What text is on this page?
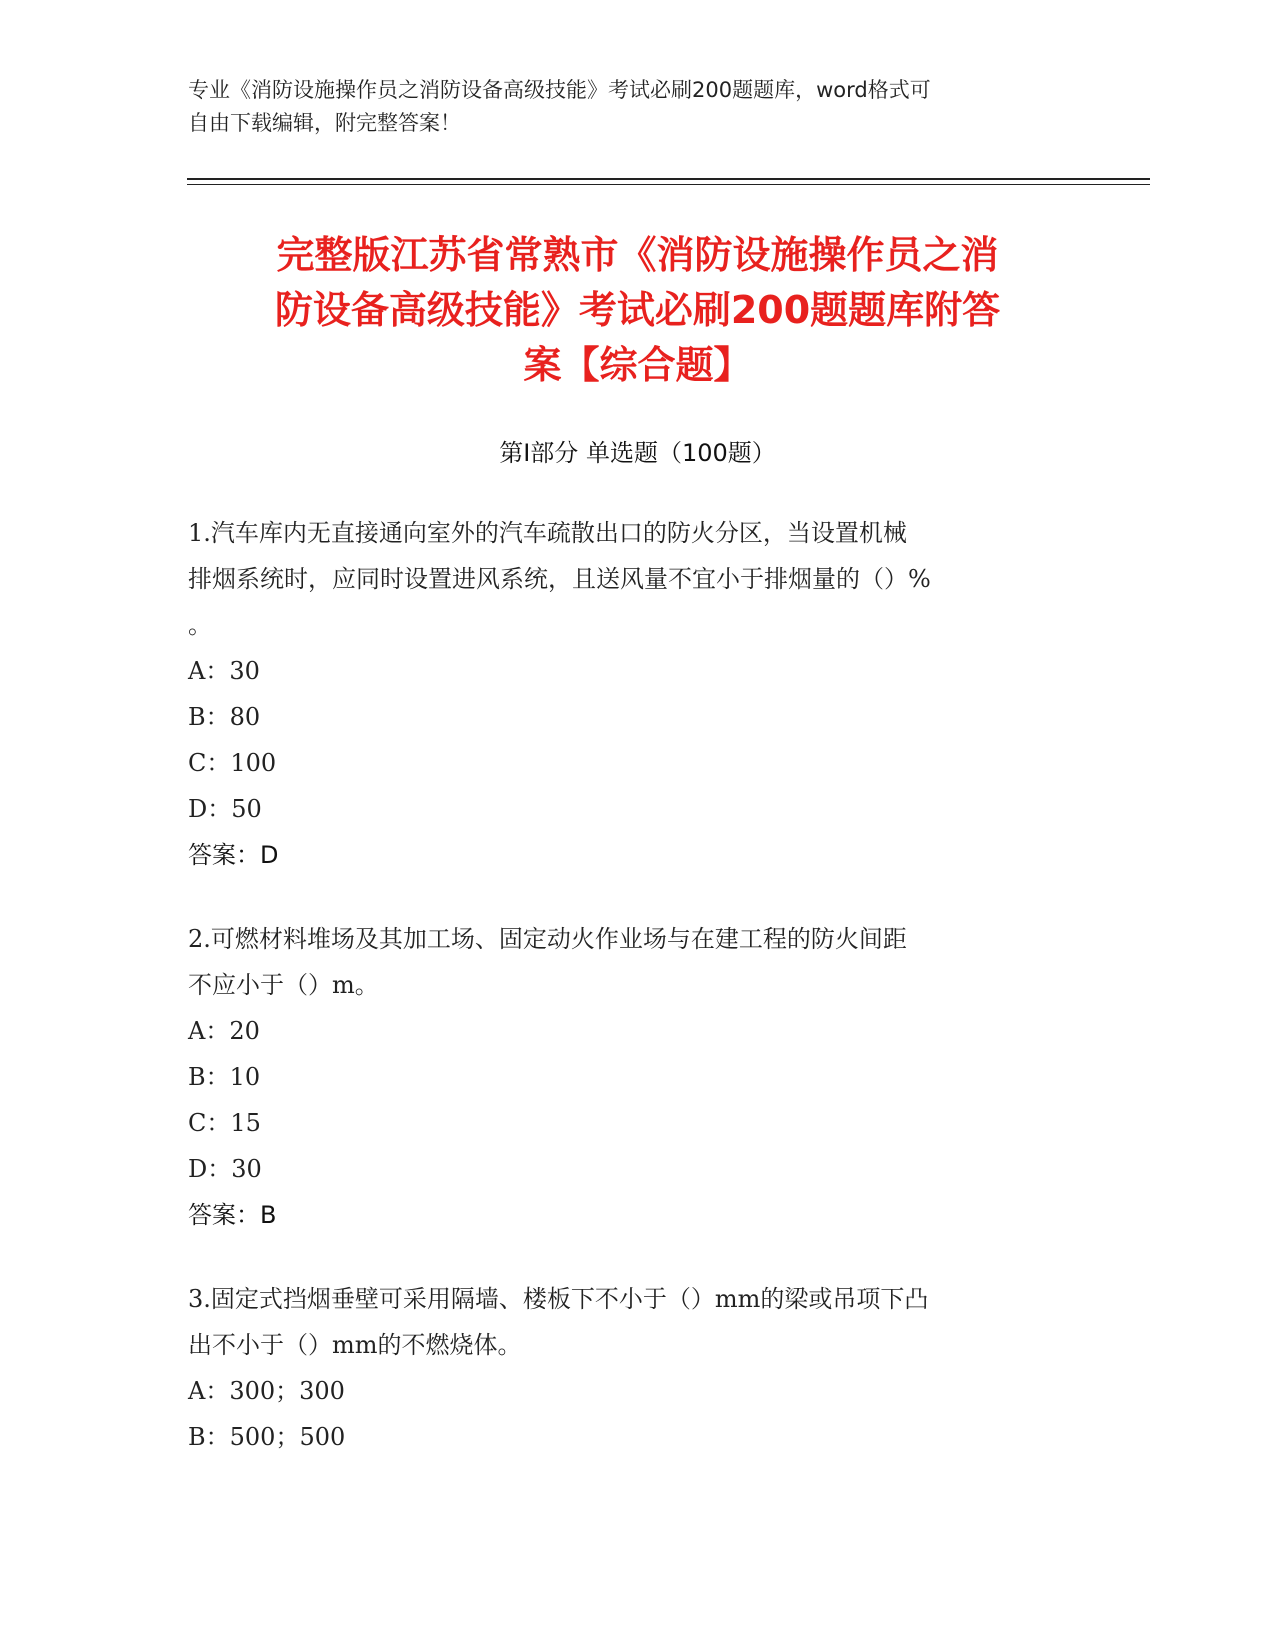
专业《消防设施操作员之消防设备高级技能》考试必刷200题题库，word格式可
自由下载编辑，附完整答案！
完整版江苏省常熟市《消防设施操作员之消
防设备高级技能》考试必刷200题题库附答
案【综合题】
第I部分 单选题（100题）
1.汽车库内无直接通向室外的汽车疏散出口的防火分区，当设置机械
排烟系统时，应同时设置进风系统，且送风量不宜小于排烟量的（）%
。
A：30
B：80
C：100
D：50
答案：D
2.可燃材料堆场及其加工场、固定动火作业场与在建工程的防火间距
不应小于（）m。
A：20
B：10
C：15
D：30
答案：B
3.固定式挡烟垂壁可采用隔墙、楼板下不小于（）mm的梁或吊项下凸
出不小于（）mm的不燃烧体。
A：300；300
B：500；500
